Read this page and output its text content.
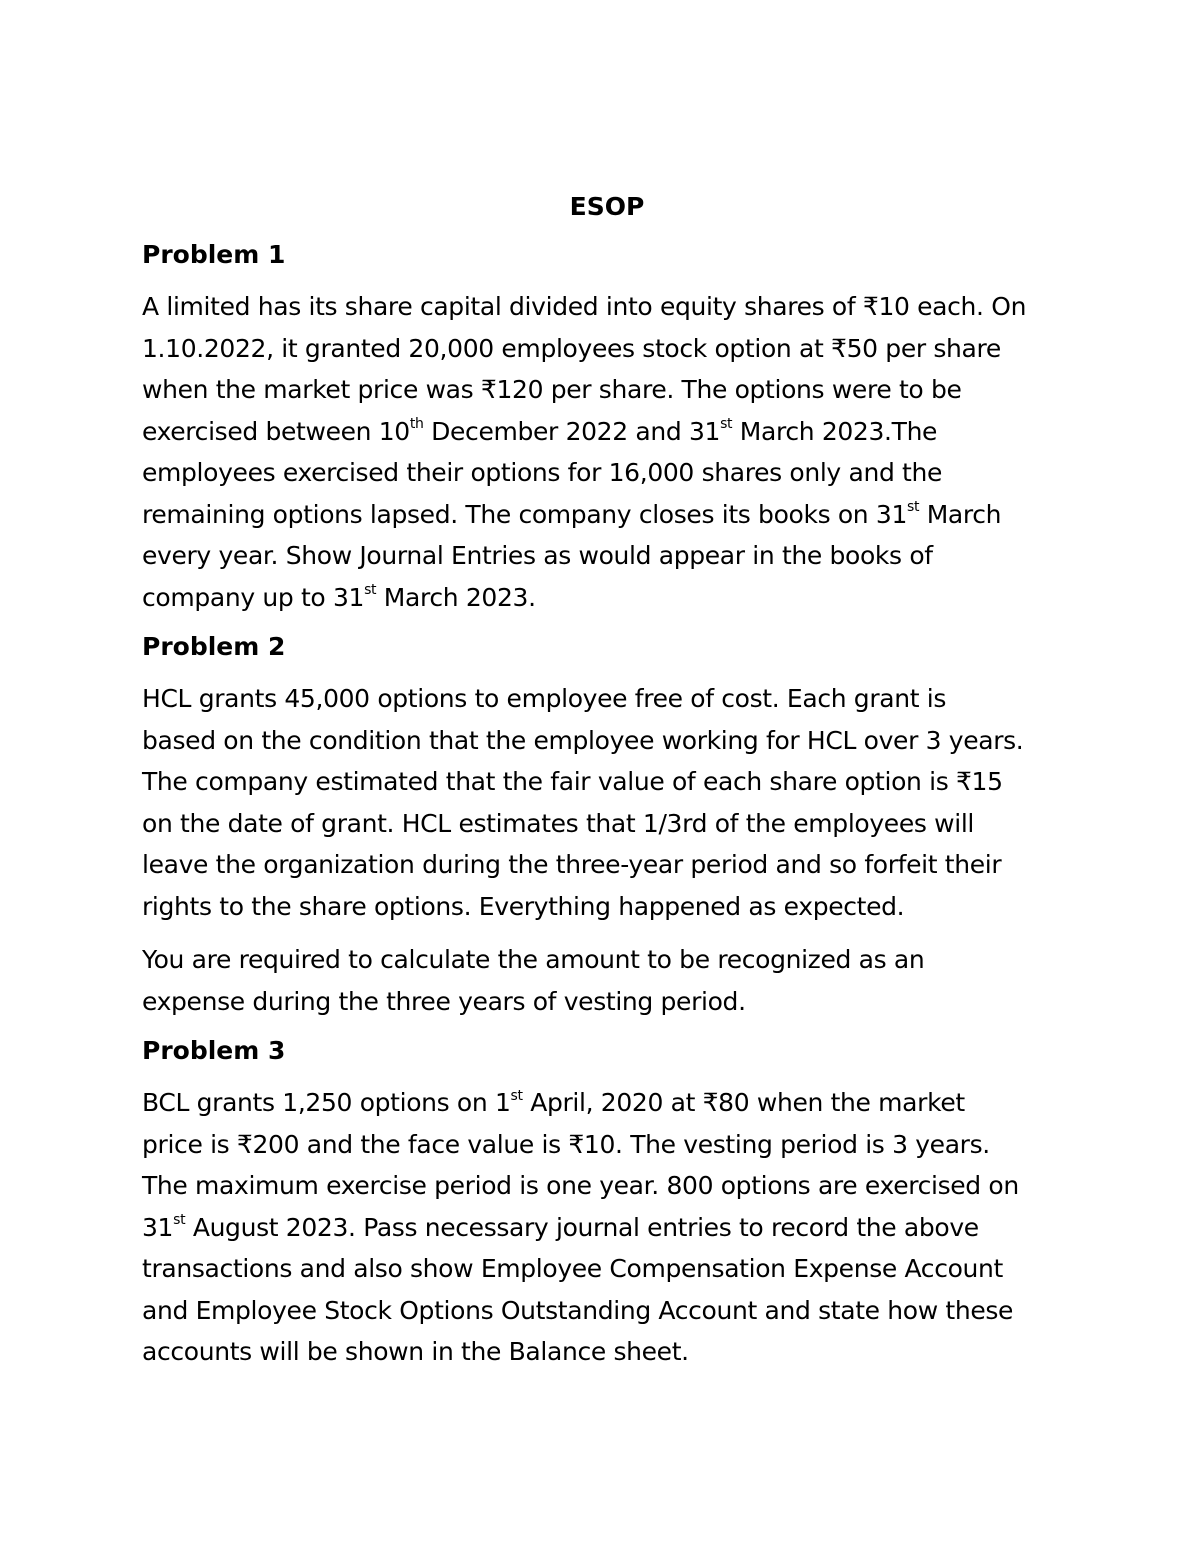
ESOP
Problem 1
A limited has its share capital divided into equity shares of ₹10 each. On
1.10.2022, it granted 20,000 employees stock option at ₹50 per share
when the market price was ₹120 per share. The options were to be
exercised between 10th December 2022 and 31st March 2023.The
employees exercised their options for 16,000 shares only and the
remaining options lapsed. The company closes its books on 31st March
every year. Show Journal Entries as would appear in the books of
company up to 31st March 2023.
Problem 2
HCL grants 45,000 options to employee free of cost. Each grant is
based on the condition that the employee working for HCL over 3 years.
The company estimated that the fair value of each share option is ₹15
on the date of grant. HCL estimates that 1/3rd of the employees will
leave the organization during the three-year period and so forfeit their
rights to the share options. Everything happened as expected.
You are required to calculate the amount to be recognized as an
expense during the three years of vesting period.
Problem 3
BCL grants 1,250 options on 1st April, 2020 at ₹80 when the market
price is ₹200 and the face value is ₹10. The vesting period is 3 years.
The maximum exercise period is one year. 800 options are exercised on
31st August 2023. Pass necessary journal entries to record the above
transactions and also show Employee Compensation Expense Account
and Employee Stock Options Outstanding Account and state how these
accounts will be shown in the Balance sheet.
